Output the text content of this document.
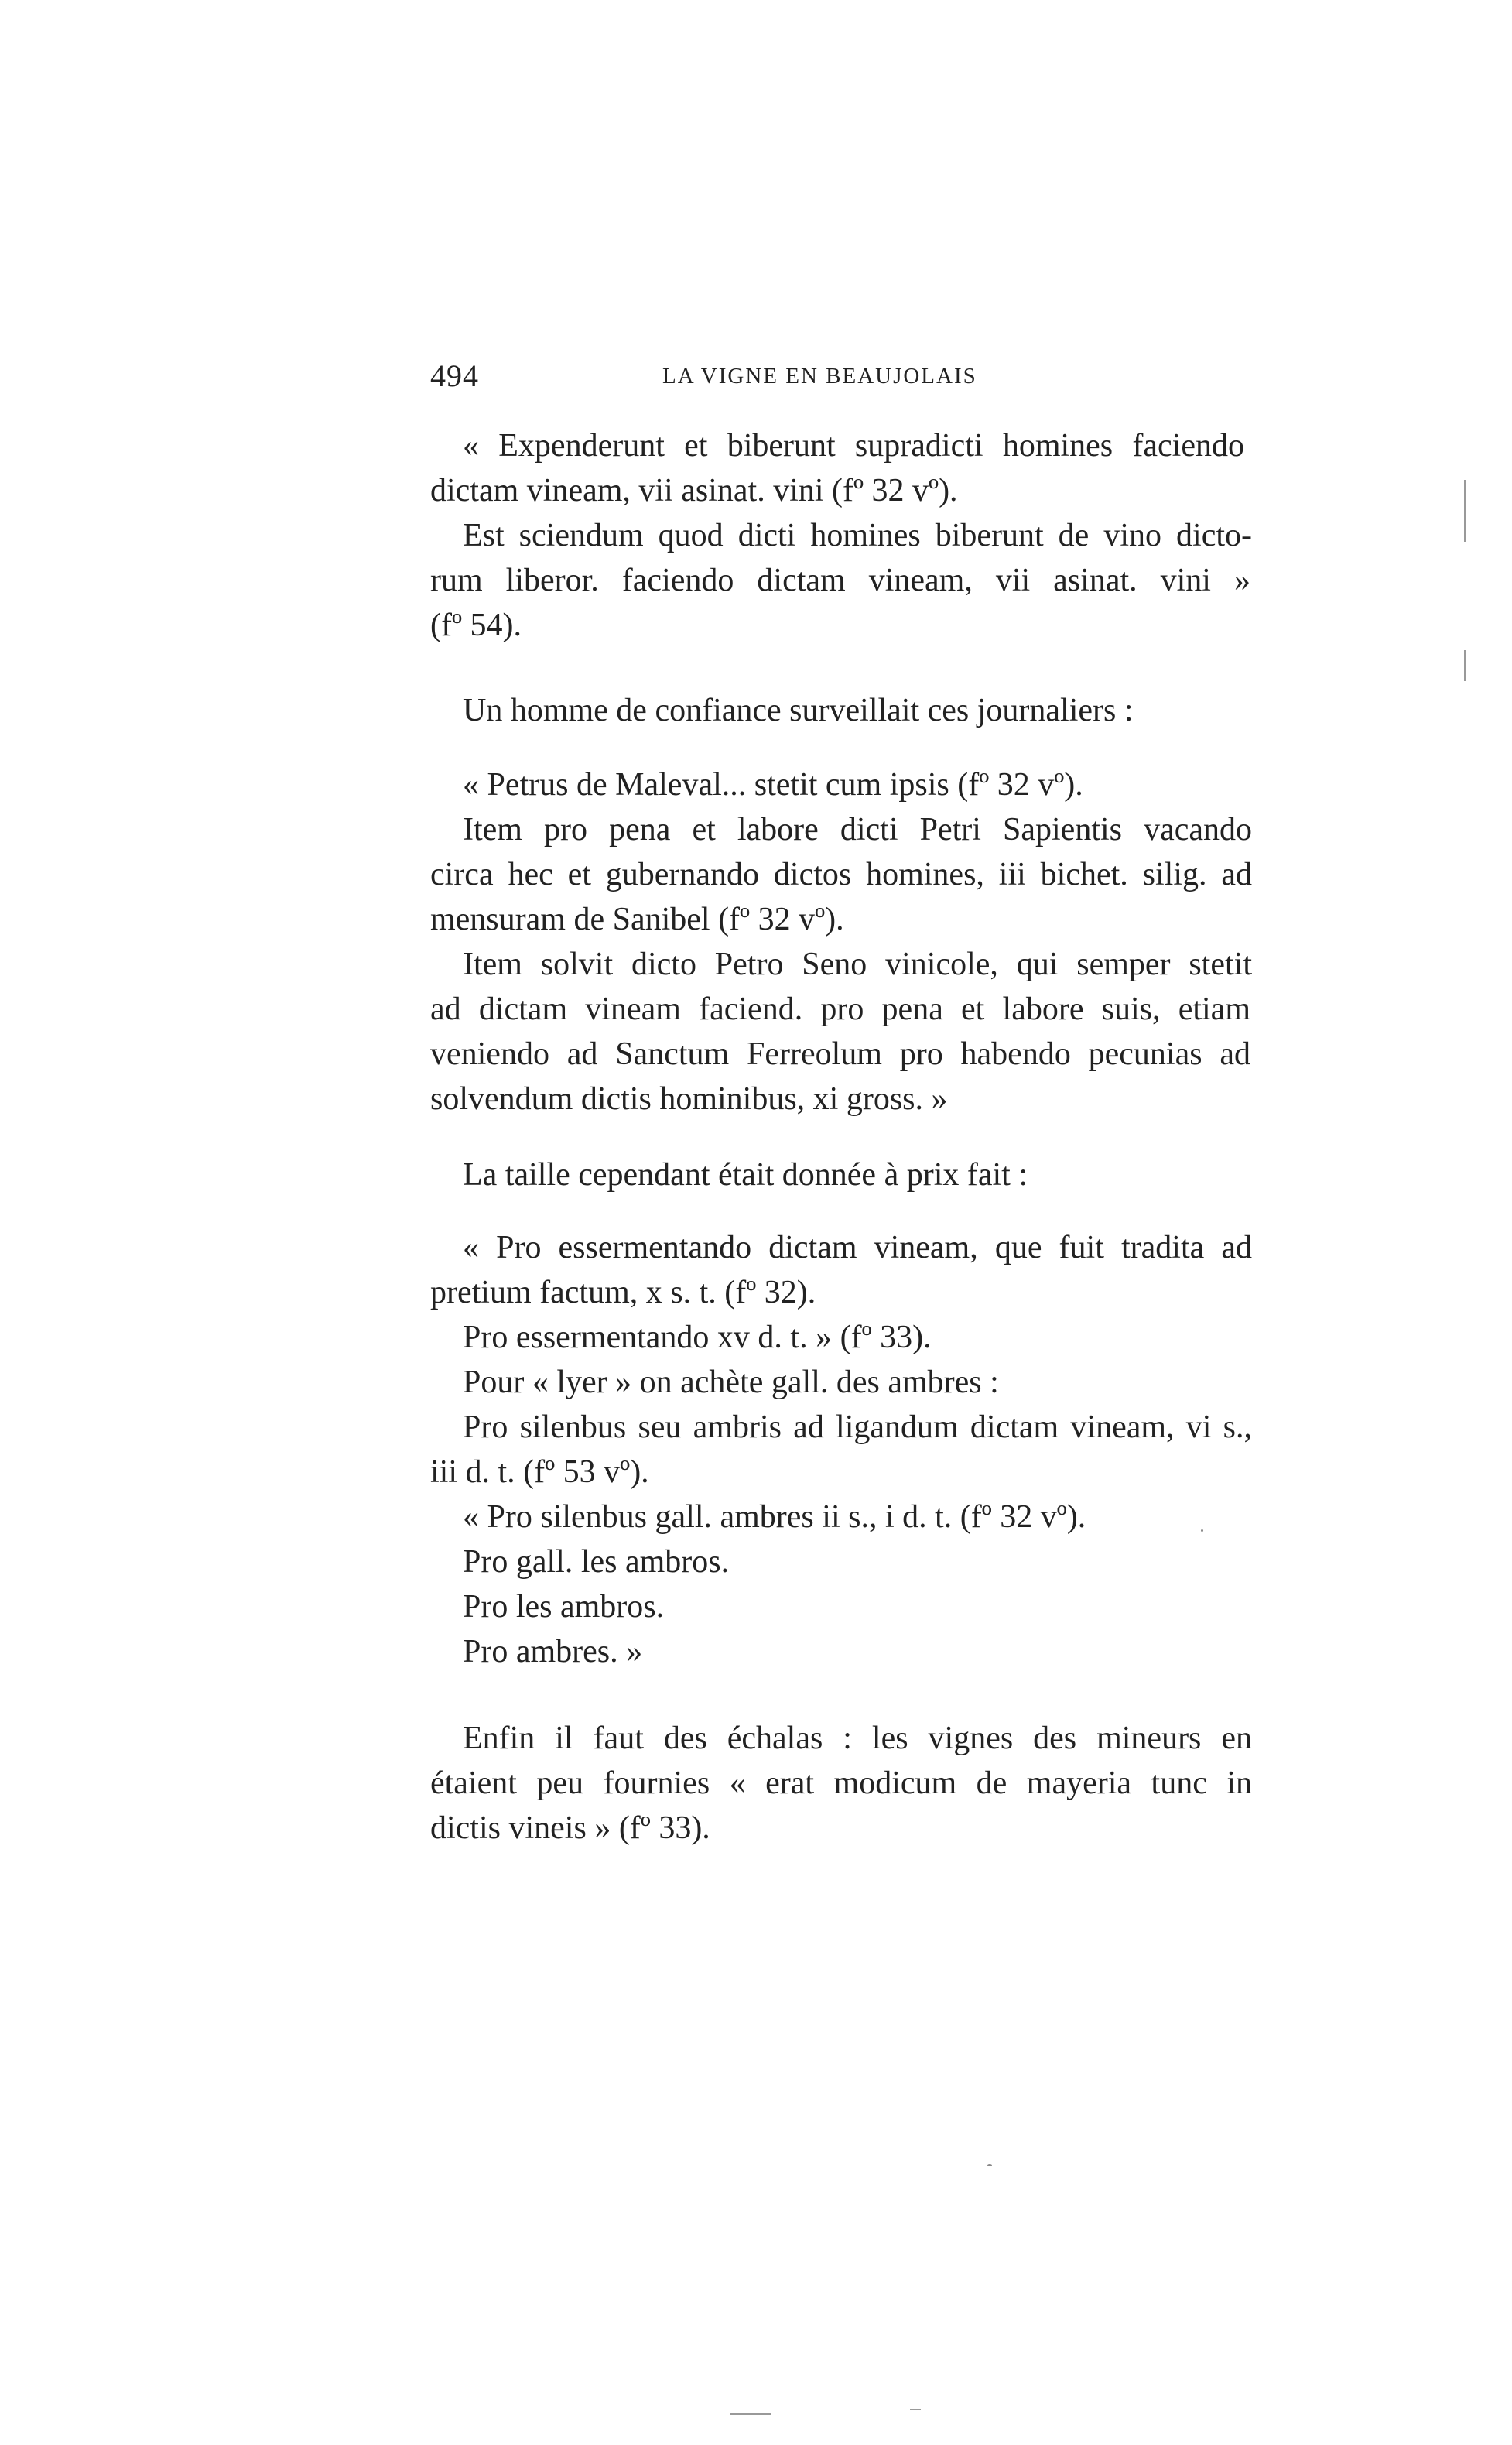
494	LA VIGNE EN BEAUJOLAIS
« Expenderunt et biberunt supradicti homines faciendo
dictam vineam, vii asinat. vini (fº 32 vº).
Est sciendum quod dicti homines biberunt de vino dicto-
rum liberor. faciendo dictam vineam, vii asinat. vini »
(fº 54).
Un homme de confiance surveillait ces journaliers :
« Petrus de Maleval... stetit cum ipsis (fº 32 vº).
Item pro pena et labore dicti Petri Sapientis vacando
circa hec et gubernando dictos homines, iii bichet. silig. ad
mensuram de Sanibel (fº 32 vº).
Item solvit dicto Petro Seno vinicole, qui semper stetit
ad dictam vineam faciend. pro pena et labore suis, etiam
veniendo ad Sanctum Ferreolum pro habendo pecunias ad
solvendum dictis hominibus, xi gross. »
La taille cependant était donnée à prix fait :
« Pro essermentando dictam vineam, que fuit tradita ad
pretium factum, x s. t. (fº 32).
Pro essermentando xv d. t. » (fº 33).
Pour « lyer » on achète gall. des ambres :
Pro silenbus seu ambris ad ligandum dictam vineam, vi s.,
iii d. t. (fº 53 vº).
« Pro silenbus gall. ambres ii s., i d. t. (fº 32 vº).
Pro gall. les ambros.
Pro les ambros.
Pro ambres. »
Enfin il faut des échalas : les vignes des mineurs en
étaient peu fournies « erat modicum de mayeria tunc in
dictis vineis » (fº 33).
